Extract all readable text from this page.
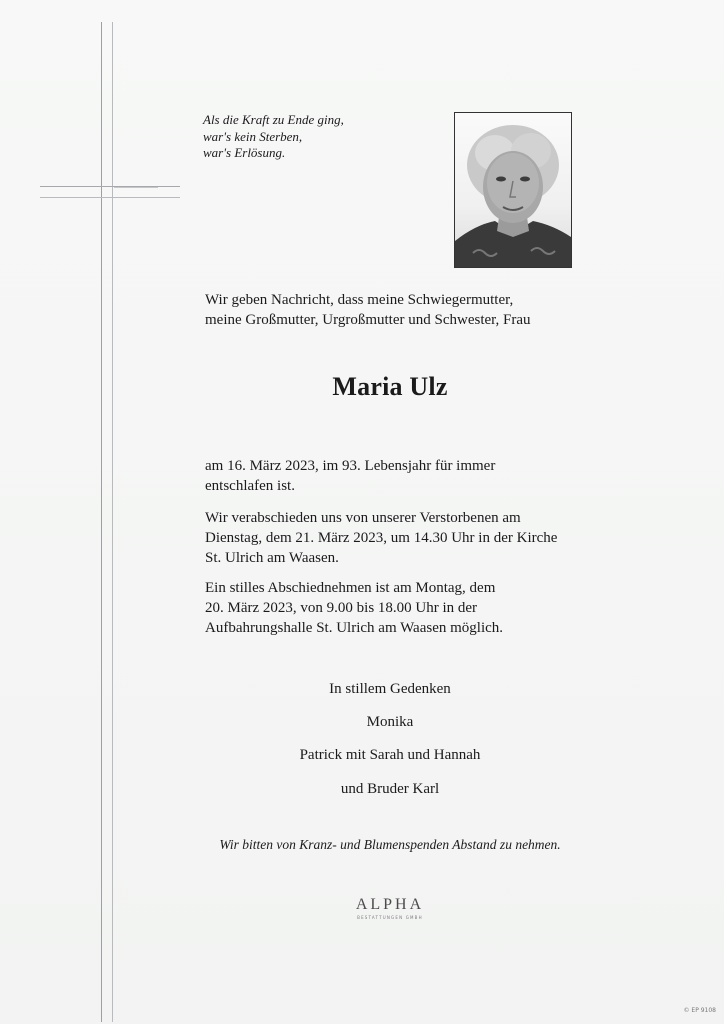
Als die Kraft zu Ende ging,
war's kein Sterben,
war's Erlösung.
Wir geben Nachricht, dass meine Schwiegermutter,
meine Großmutter, Urgroßmutter und Schwester, Frau
Maria Ulz
am 16. März 2023, im 93. Lebensjahr für immer
entschlafen ist.
Wir verabschieden uns von unserer Verstorbenen am
Dienstag, dem 21. März 2023, um 14.30 Uhr in der Kirche
St. Ulrich am Waasen.
Ein stilles Abschiednehmen ist am Montag, dem
20. März 2023, von 9.00 bis 18.00 Uhr in der
Aufbahrungshalle St. Ulrich am Waasen möglich.
In stillem Gedenken
Monika
Patrick mit Sarah und Hannah
und Bruder Karl
Wir bitten von Kranz- und Blumenspenden Abstand zu nehmen.
ALPHA
BESTATTUNGEN GMBH
© EP 9108
